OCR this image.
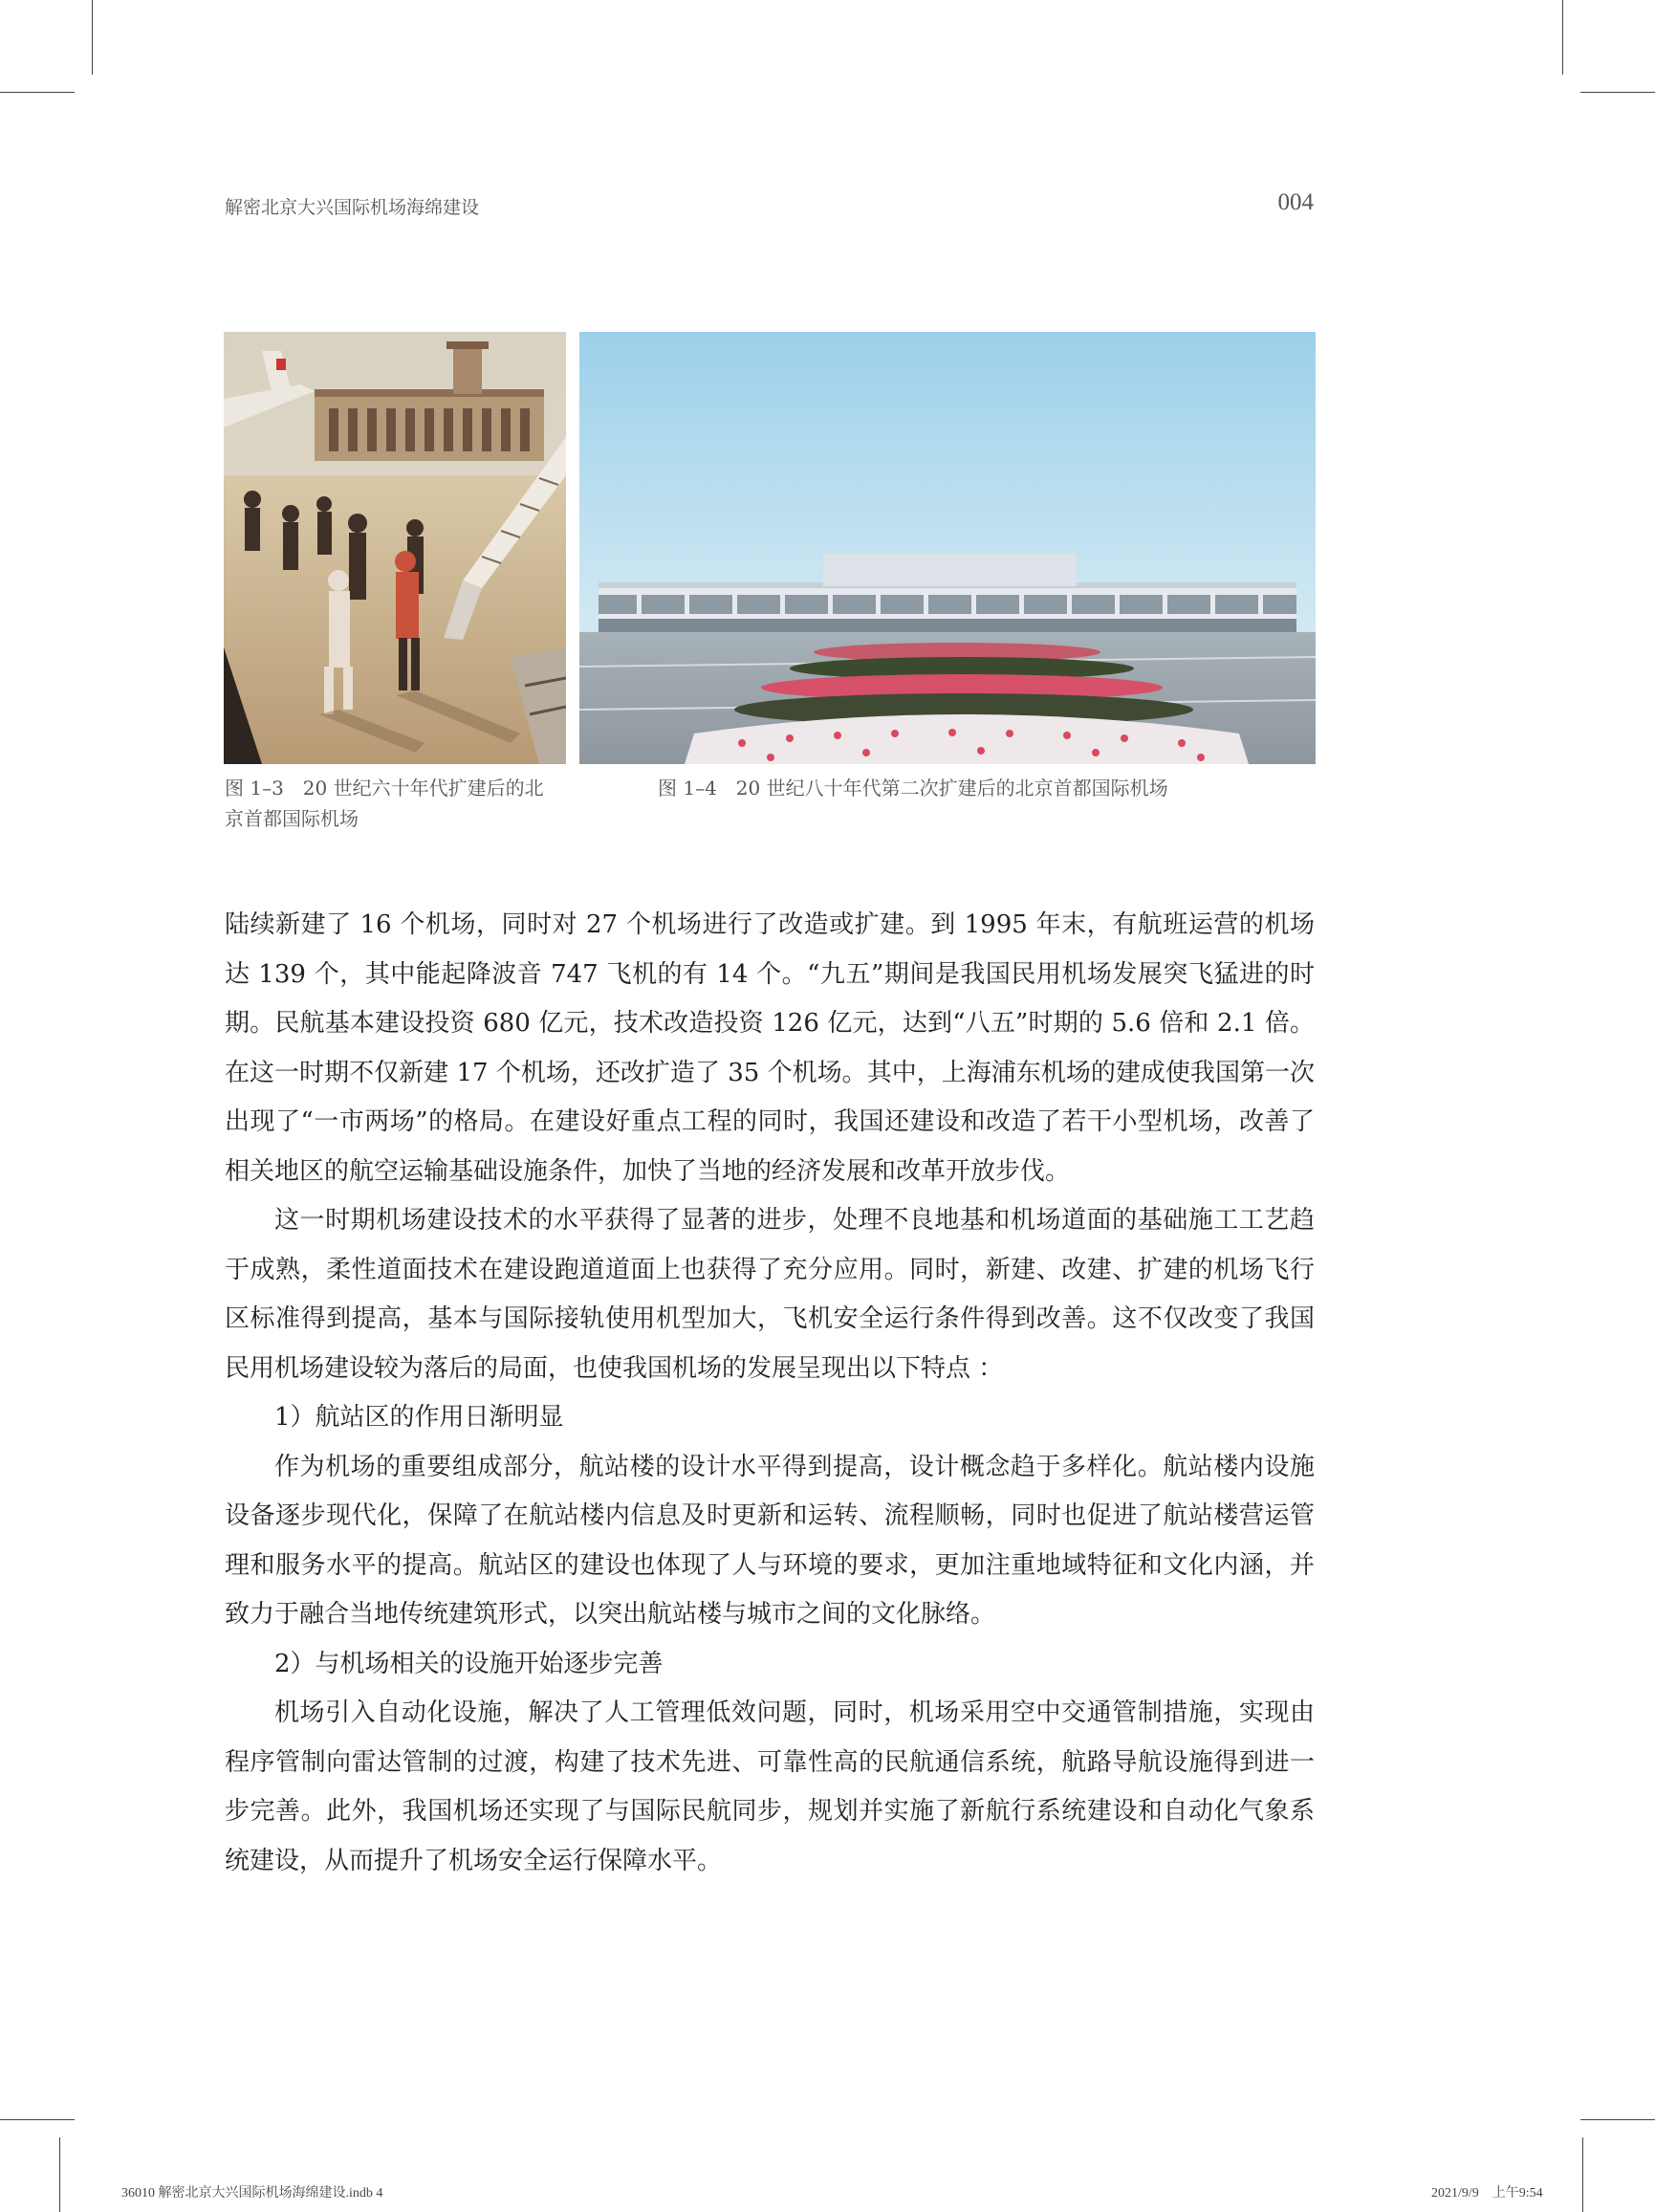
解密北京大兴国际机场海绵建设	004
图 1–3　20 世纪六十年代扩建后的北
京首都国际机场
图 1–4　20 世纪八十年代第二次扩建后的北京首都国际机场

陆续新建了 16 个机场，同时对 27 个机场进行了改造或扩建。到 1995 年末，有航班运营的机场达 139 个，其中能起降波音 747 飞机的有 14 个。“九五”期间是我国民用机场发展突飞猛进的时期。民航基本建设投资 680 亿元，技术改造投资 126 亿元，达到“八五”时期的 5.6 倍和 2.1 倍。在这一时期不仅新建 17 个机场，还改扩造了 35 个机场。其中，上海浦东机场的建成使我国第一次出现了“一市两场”的格局。在建设好重点工程的同时，我国还建设和改造了若干小型机场，改善了相关地区的航空运输基础设施条件，加快了当地的经济发展和改革开放步伐。

这一时期机场建设技术的水平获得了显著的进步，处理不良地基和机场道面的基础施工工艺趋于成熟，柔性道面技术在建设跑道道面上也获得了充分应用。同时，新建、改建、扩建的机场飞行区标准得到提高，基本与国际接轨使用机型加大，飞机安全运行条件得到改善。这不仅改变了我国民用机场建设较为落后的局面，也使我国机场的发展呈现出以下特点 ：

1）航站区的作用日渐明显

作为机场的重要组成部分，航站楼的设计水平得到提高，设计概念趋于多样化。航站楼内设施设备逐步现代化，保障了在航站楼内信息及时更新和运转、流程顺畅，同时也促进了航站楼营运管理和服务水平的提高。航站区的建设也体现了人与环境的要求，更加注重地域特征和文化内涵，并致力于融合当地传统建筑形式，以突出航站楼与城市之间的文化脉络。

2）与机场相关的设施开始逐步完善

机场引入自动化设施，解决了人工管理低效问题，同时，机场采用空中交通管制措施，实现由程序管制向雷达管制的过渡，构建了技术先进、可靠性高的民航通信系统，航路导航设施得到进一步完善。此外，我国机场还实现了与国际民航同步，规划并实施了新航行系统建设和自动化气象系统建设，从而提升了机场安全运行保障水平。

36010 解密北京大兴国际机场海绵建设.indb 4	2021/9/9　上午9:54
